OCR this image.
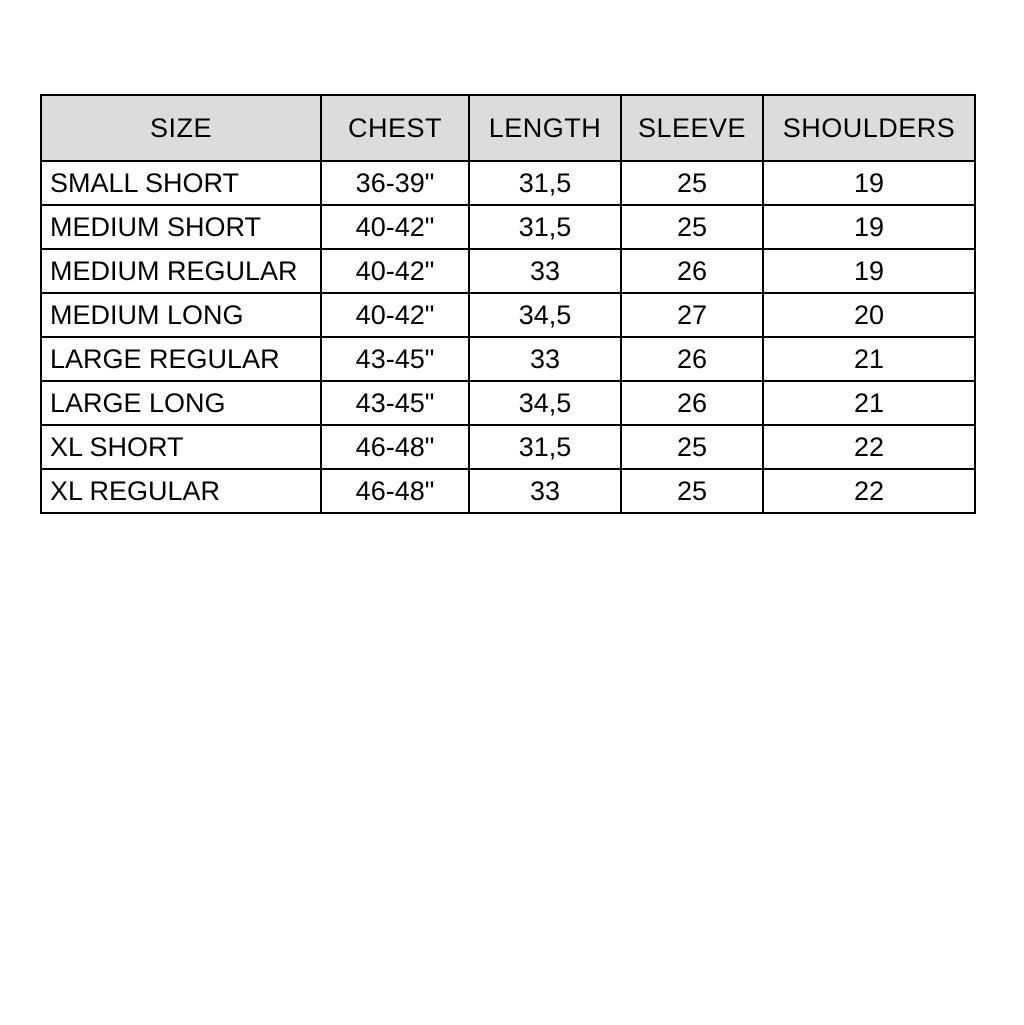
SIZE	CHEST	LENGTH	SLEEVE	SHOULDERS
SMALL SHORT	36-39"	31,5	25	19
MEDIUM SHORT	40-42"	31,5	25	19
MEDIUM REGULAR	40-42"	33	26	19
MEDIUM LONG	40-42"	34,5	27	20
LARGE REGULAR	43-45"	33	26	21
LARGE LONG	43-45"	34,5	26	21
XL SHORT	46-48"	31,5	25	22
XL REGULAR	46-48"	33	25	22
